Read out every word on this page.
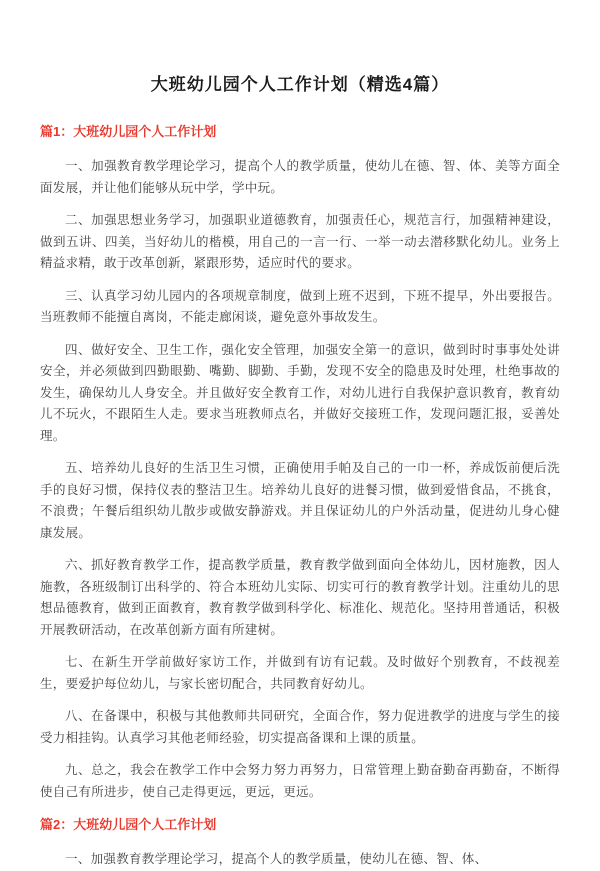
大班幼儿园个人工作计划（精选4篇）
篇1：大班幼儿园个人工作计划

一、加强教育教学理论学习，提高个人的教学质量，使幼儿在德、智、体、美等方面全面发展，并让他们能够从玩中学，学中玩。

二、加强思想业务学习，加强职业道德教育，加强责任心，规范言行，加强精神建设，做到五讲、四美，当好幼儿的楷模，用自己的一言一行、一举一动去潜移默化幼儿。业务上精益求精，敢于改革创新，紧跟形势，适应时代的要求。

三、认真学习幼儿园内的各项规章制度，做到上班不迟到，下班不提早，外出要报告。当班教师不能擅自离岗，不能走廊闲谈，避免意外事故发生。

四、做好安全、卫生工作，强化安全管理，加强安全第一的意识，做到时时事事处处讲安全，并必须做到四勤眼勤、嘴勤、脚勤、手勤，发现不安全的隐患及时处理，杜绝事故的发生，确保幼儿人身安全。并且做好安全教育工作，对幼儿进行自我保护意识教育，教育幼儿不玩火，不跟陌生人走。要求当班教师点名，并做好交接班工作，发现问题汇报，妥善处理。

五、培养幼儿良好的生活卫生习惯，正确使用手帕及自己的一巾一杯，养成饭前便后洗手的良好习惯，保持仪表的整洁卫生。培养幼儿良好的进餐习惯，做到爱惜食品，不挑食，不浪费；午餐后组织幼儿散步或做安静游戏。并且保证幼儿的户外活动量，促进幼儿身心健康发展。

六、抓好教育教学工作，提高教学质量，教育教学做到面向全体幼儿，因材施教，因人施教，各班级制订出科学的、符合本班幼儿实际、切实可行的教育教学计划。注重幼儿的思想品德教育，做到正面教育，教育教学做到科学化、标准化、规范化。坚持用普通话，积极开展教研活动，在改革创新方面有所建树。

七、在新生开学前做好家访工作，并做到有访有记载。及时做好个别教育，不歧视差生，要爱护每位幼儿，与家长密切配合，共同教育好幼儿。

八、在备课中，积极与其他教师共同研究，全面合作，努力促进教学的进度与学生的接受力相挂钩。认真学习其他老师经验，切实提高备课和上课的质量。

九、总之，我会在教学工作中会努力努力再努力，日常管理上勤奋勤奋再勤奋，不断得使自己有所进步，使自己走得更远，更远，更远。

篇2：大班幼儿园个人工作计划

一、加强教育教学理论学习，提高个人的教学质量，使幼儿在德、智、体、
